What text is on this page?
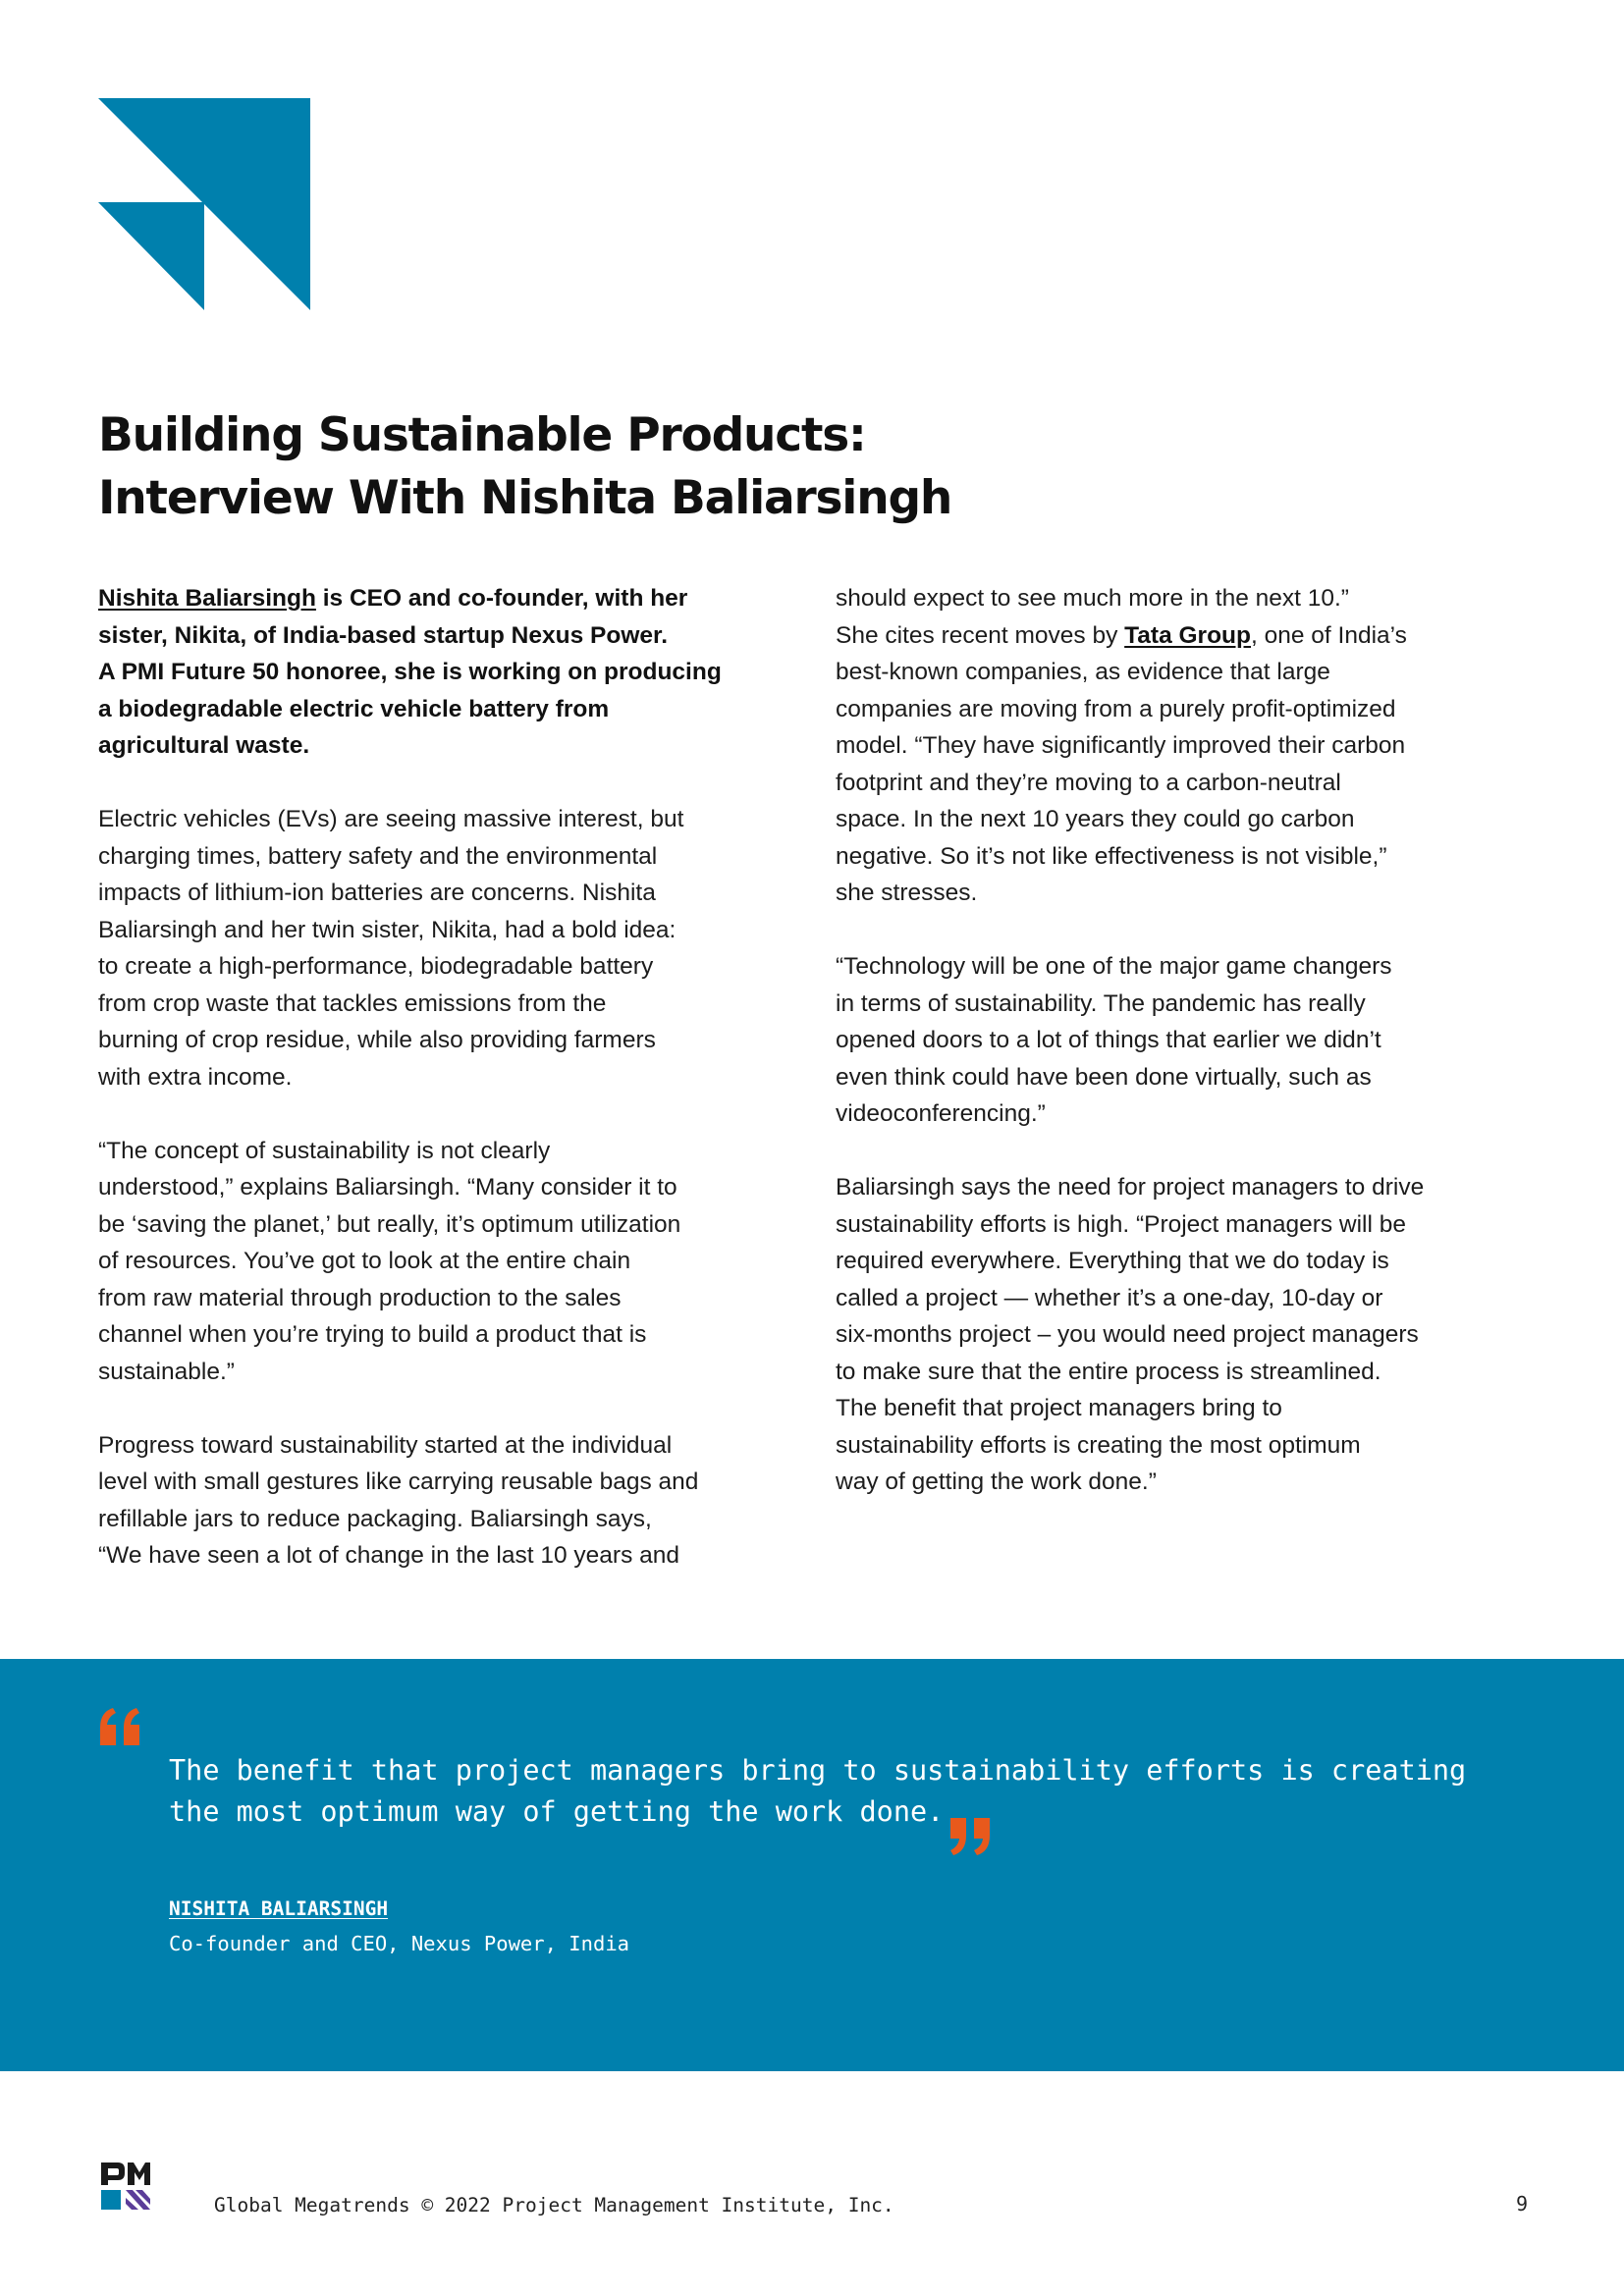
Building Sustainable Products:
Interview With Nishita Baliarsingh

Nishita Baliarsingh is CEO and co-founder, with her
sister, Nikita, of India-based startup Nexus Power.
A PMI Future 50 honoree, she is working on producing
a biodegradable electric vehicle battery from
agricultural waste.

Electric vehicles (EVs) are seeing massive interest, but
charging times, battery safety and the environmental
impacts of lithium-ion batteries are concerns. Nishita
Baliarsingh and her twin sister, Nikita, had a bold idea:
to create a high-performance, biodegradable battery
from crop waste that tackles emissions from the
burning of crop residue, while also providing farmers
with extra income.

“The concept of sustainability is not clearly
understood,” explains Baliarsingh. “Many consider it to
be ‘saving the planet,’ but really, it’s optimum utilization
of resources. You’ve got to look at the entire chain
from raw material through production to the sales
channel when you’re trying to build a product that is
sustainable.”

Progress toward sustainability started at the individual
level with small gestures like carrying reusable bags and
refillable jars to reduce packaging. Baliarsingh says,
“We have seen a lot of change in the last 10 years and

should expect to see much more in the next 10.”
She cites recent moves by Tata Group, one of India’s
best-known companies, as evidence that large
companies are moving from a purely profit-optimized
model. “They have significantly improved their carbon
footprint and they’re moving to a carbon-neutral
space. In the next 10 years they could go carbon
negative. So it’s not like effectiveness is not visible,”
she stresses.

“Technology will be one of the major game changers
in terms of sustainability. The pandemic has really
opened doors to a lot of things that earlier we didn’t
even think could have been done virtually, such as
videoconferencing.”

Baliarsingh says the need for project managers to drive
sustainability efforts is high. “Project managers will be
required everywhere. Everything that we do today is
called a project — whether it’s a one-day, 10-day or
six-months project – you would need project managers
to make sure that the entire process is streamlined.
The benefit that project managers bring to
sustainability efforts is creating the most optimum
way of getting the work done.”

The benefit that project managers bring to sustainability efforts is creating
the most optimum way of getting the work done.

NISHITA BALIARSINGH
Co-founder and CEO, Nexus Power, India
Global Megatrends © 2022 Project Management Institute, Inc.	9
